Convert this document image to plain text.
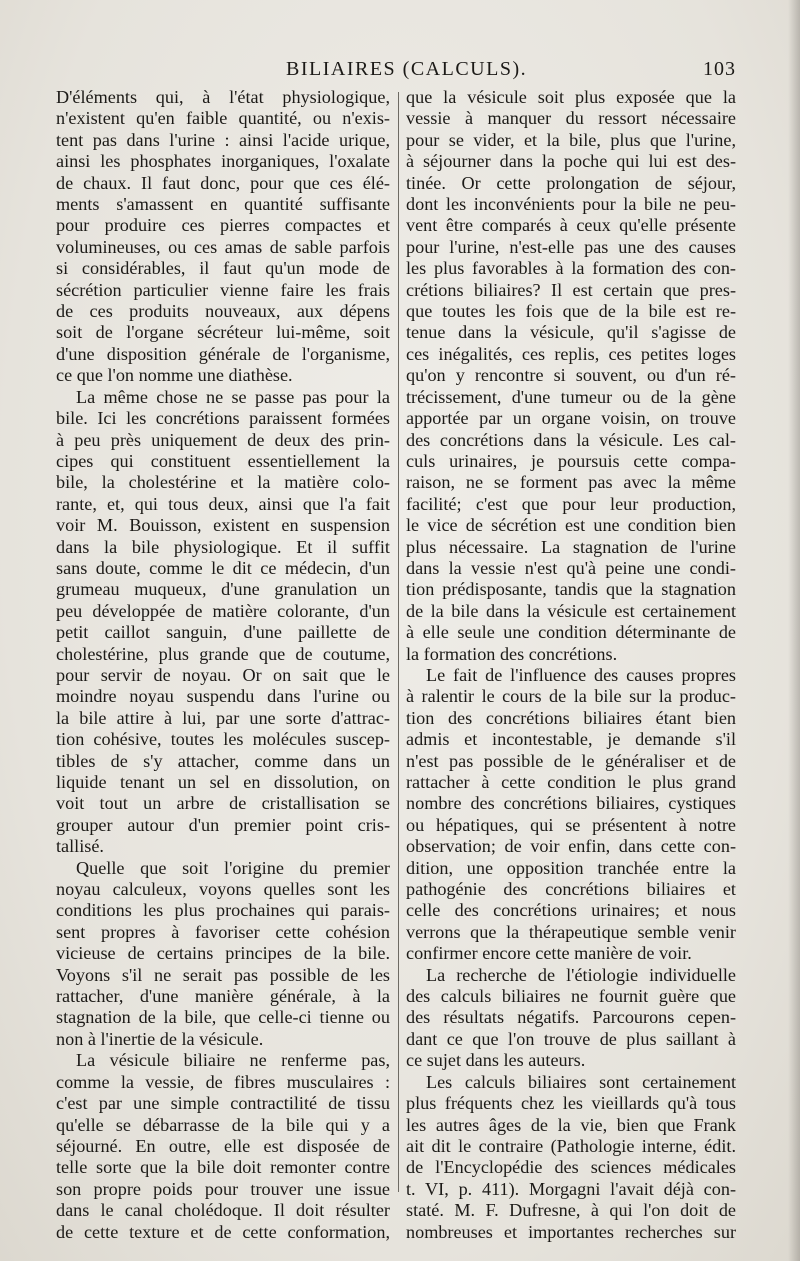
BILIAIRES (CALCULS).	103
D'éléments qui, à l'état physiologique,
n'existent qu'en faible quantité, ou n'exis-
tent pas dans l'urine : ainsi l'acide urique,
ainsi les phosphates inorganiques, l'oxalate
de chaux. Il faut donc, pour que ces élé-
ments s'amassent en quantité suffisante
pour produire ces pierres compactes et
volumineuses, ou ces amas de sable parfois
si considérables, il faut qu'un mode de
sécrétion particulier vienne faire les frais
de ces produits nouveaux, aux dépens
soit de l'organe sécréteur lui-même, soit
d'une disposition générale de l'organisme,
ce que l'on nomme une diathèse.
La même chose ne se passe pas pour la
bile. Ici les concrétions paraissent formées
à peu près uniquement de deux des prin-
cipes qui constituent essentiellement la
bile, la cholestérine et la matière colo-
rante, et, qui tous deux, ainsi que l'a fait
voir M. Bouisson, existent en suspension
dans la bile physiologique. Et il suffit
sans doute, comme le dit ce médecin, d'un
grumeau muqueux, d'une granulation un
peu développée de matière colorante, d'un
petit caillot sanguin, d'une paillette de
cholestérine, plus grande que de coutume,
pour servir de noyau. Or on sait que le
moindre noyau suspendu dans l'urine ou
la bile attire à lui, par une sorte d'attrac-
tion cohésive, toutes les molécules suscep-
tibles de s'y attacher, comme dans un
liquide tenant un sel en dissolution, on
voit tout un arbre de cristallisation se
grouper autour d'un premier point cris-
tallisé.
Quelle que soit l'origine du premier
noyau calculeux, voyons quelles sont les
conditions les plus prochaines qui parais-
sent propres à favoriser cette cohésion
vicieuse de certains principes de la bile.
Voyons s'il ne serait pas possible de les
rattacher, d'une manière générale, à la
stagnation de la bile, que celle-ci tienne ou
non à l'inertie de la vésicule.
La vésicule biliaire ne renferme pas,
comme la vessie, de fibres musculaires :
c'est par une simple contractilité de tissu
qu'elle se débarrasse de la bile qui y a
séjourné. En outre, elle est disposée de
telle sorte que la bile doit remonter contre
son propre poids pour trouver une issue
dans le canal cholédoque. Il doit résulter
de cette texture et de cette conformation,
que la vésicule soit plus exposée que la
vessie à manquer du ressort nécessaire
pour se vider, et la bile, plus que l'urine,
à séjourner dans la poche qui lui est des-
tinée. Or cette prolongation de séjour,
dont les inconvénients pour la bile ne peu-
vent être comparés à ceux qu'elle présente
pour l'urine, n'est-elle pas une des causes
les plus favorables à la formation des con-
crétions biliaires? Il est certain que pres-
que toutes les fois que de la bile est re-
tenue dans la vésicule, qu'il s'agisse de
ces inégalités, ces replis, ces petites loges
qu'on y rencontre si souvent, ou d'un ré-
trécissement, d'une tumeur ou de la gène
apportée par un organe voisin, on trouve
des concrétions dans la vésicule. Les cal-
culs urinaires, je poursuis cette compa-
raison, ne se forment pas avec la même
facilité; c'est que pour leur production,
le vice de sécrétion est une condition bien
plus nécessaire. La stagnation de l'urine
dans la vessie n'est qu'à peine une condi-
tion prédisposante, tandis que la stagnation
de la bile dans la vésicule est certainement
à elle seule une condition déterminante de
la formation des concrétions.
Le fait de l'influence des causes propres
à ralentir le cours de la bile sur la produc-
tion des concrétions biliaires étant bien
admis et incontestable, je demande s'il
n'est pas possible de le généraliser et de
rattacher à cette condition le plus grand
nombre des concrétions biliaires, cystiques
ou hépatiques, qui se présentent à notre
observation; de voir enfin, dans cette con-
dition, une opposition tranchée entre la
pathogénie des concrétions biliaires et
celle des concrétions urinaires; et nous
verrons que la thérapeutique semble venir
confirmer encore cette manière de voir.
La recherche de l'étiologie individuelle
des calculs biliaires ne fournit guère que
des résultats négatifs. Parcourons cepen-
dant ce que l'on trouve de plus saillant à
ce sujet dans les auteurs.
Les calculs biliaires sont certainement
plus fréquents chez les vieillards qu'à tous
les autres âges de la vie, bien que Frank
ait dit le contraire (Pathologie interne, édit.
de l'Encyclopédie des sciences médicales
t. VI, p. 411). Morgagni l'avait déjà con-
staté. M. F. Dufresne, à qui l'on doit de
nombreuses et importantes recherches sur
